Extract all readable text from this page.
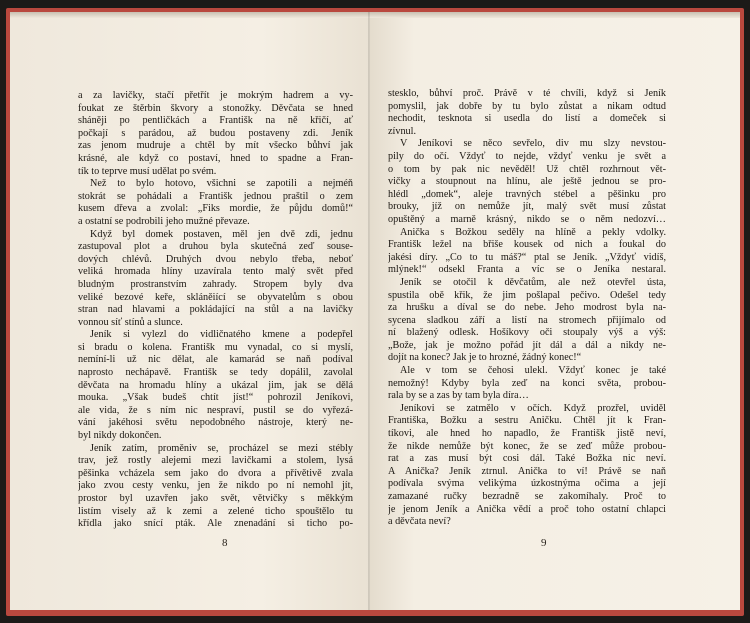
a za lavičky, stačí přetřít je mokrým hadrem a vy-
foukat ze štěrbin škvory a stonožky. Děvčata se hned
sháněji po pentličkách a Františk na ně křičí, ať
počkají s parádou, až budou postaveny zdi. Jeník
zas jenom mudruje a chtěl by mít všecko bůhví jak
krásné, ale když co postaví, hned to spadne a Fran-
tík to teprve musí udělat po svém.
Než to bylo hotovo, všichni se zapotili a nejméň
stokrát se pohádali a Františk jednou praštil o zem
kusem dřeva a zvolal: „Fiks mordie, že půjdu domů!“
a ostatní se podrobili jeho mužné převaze.
Když byl domek postaven, měl jen dvě zdi, jednu
zastupoval plot a druhou byla skutečná zeď souse-
dových chlévů. Druhých dvou nebylo třeba, neboť
veliká hromada hlíny uzavírala tento malý svět před
bludným prostranstvím zahrady. Stropem byly dva
veliké bezové keře, skláněiící se obyvatelům s obou
stran nad hlavami a pokládající na stůl a na lavičky
vonnou síť stínů a slunce.
Jeník si vylezl do vidličnatého kmene a podepřel
si bradu o kolena. Františk mu vynadal, co si myslí,
nemíní-li už nic dělat, ale kamarád se naň podíval
naprosto nechápavě. Františk se tedy dopálil, zavolal
děvčata na hromadu hlíny a ukázal jim, jak se dělá
mouka. „Však budeš chtít jíst!“ pohrozil Jeníkovi,
ale vida, že s ním nic nespraví, pustil se do vyřezá-
vání jakéhosi světu nepodobného nástroje, který ne-
byl nikdy dokončen.
Jeník zatím, proměniv se, procházel se mezi stébly
trav, jež rostly alejemi mezi lavičkami a stolem, lysá
pěšinka vcházela sem jako do dvora a přívětivě zvala
jako zvou cesty venku, jen že nikdo po ní nemohl jít,
prostor byl uzavřen jako svět, větvičky s měkkým
listím visely až k zemi a zelené ticho spouštělo tu
křídla jako snící pták. Ale znenadání si ticho po-
8
stesklo, bůhví proč. Právě v té chvíli, když si Jeník
pomyslil, jak dobře by tu bylo zůstat a nikam odtud
nechodit, tesknota si usedla do listí a domeček si
zívnul.
V Jeníkovi se něco sevřelo, div mu slzy nevstou-
pily do očí. Vždyť to nejde, vždyť venku je svět a
o tom by pak nic nevěděl! Už chtěl rozhrnout vět-
vičky a stoupnout na hlínu, ale ještě jednou se pro-
hlédl „domek“, aleje travných stébel a pěšinku pro
brouky, jíž on nemůže jít, malý svět musí zůstat
opuštěný a marně krásný, nikdo se o něm nedozví…
Anička s Božkou seděly na hlíně a pekly vdolky.
Františk ležel na břiše kousek od nich a foukal do
jakési díry. „Co to tu máš?“ ptal se Jeník. „Vždyť vidíš,
mlýnek!“ odsekl Franta a víc se o Jeníka nestaral.
Jeník se otočil k děvčatům, ale než otevřel ústa,
spustila obě křik, že jim pošlapal pečivo. Odešel tedy
za hrušku a díval se do nebe. Jeho modrost byla na-
sycena sladkou září a listí na stromech přijímalo od
ní blažený odlesk. Hošíkovy oči stoupaly výš a výš:
„Bože, jak je možno pořád jít dál a dál a nikdy ne-
dojít na konec? Jak je to hrozné, žádný konec!“
Ale v tom se čehosi ulekl. Vždyť konec je také
nemožný! Kdyby byla zeď na konci světa, probou-
rala by se a zas by tam byla díra…
Jeníkovi se zatmělo v očích. Když prozřel, uviděl
Františka, Božku a sestru Aničku. Chtěl jít k Fran-
tíkovi, ale hned ho napadlo, že Františk jistě neví,
že nikde nemůže být konec, že se zeď může probou-
rat a zas musí být cosi dál. Také Božka nic neví.
A Anička? Jeník ztrnul. Anička to ví! Právě se naň
podívala svýma velikýma úzkostnýma očima a její
zamazané ručky bezradně se zakomíhaly. Proč to
je jenom Jeník a Anička vědí a proč toho ostatní chlapci
a děvčata neví?
9
